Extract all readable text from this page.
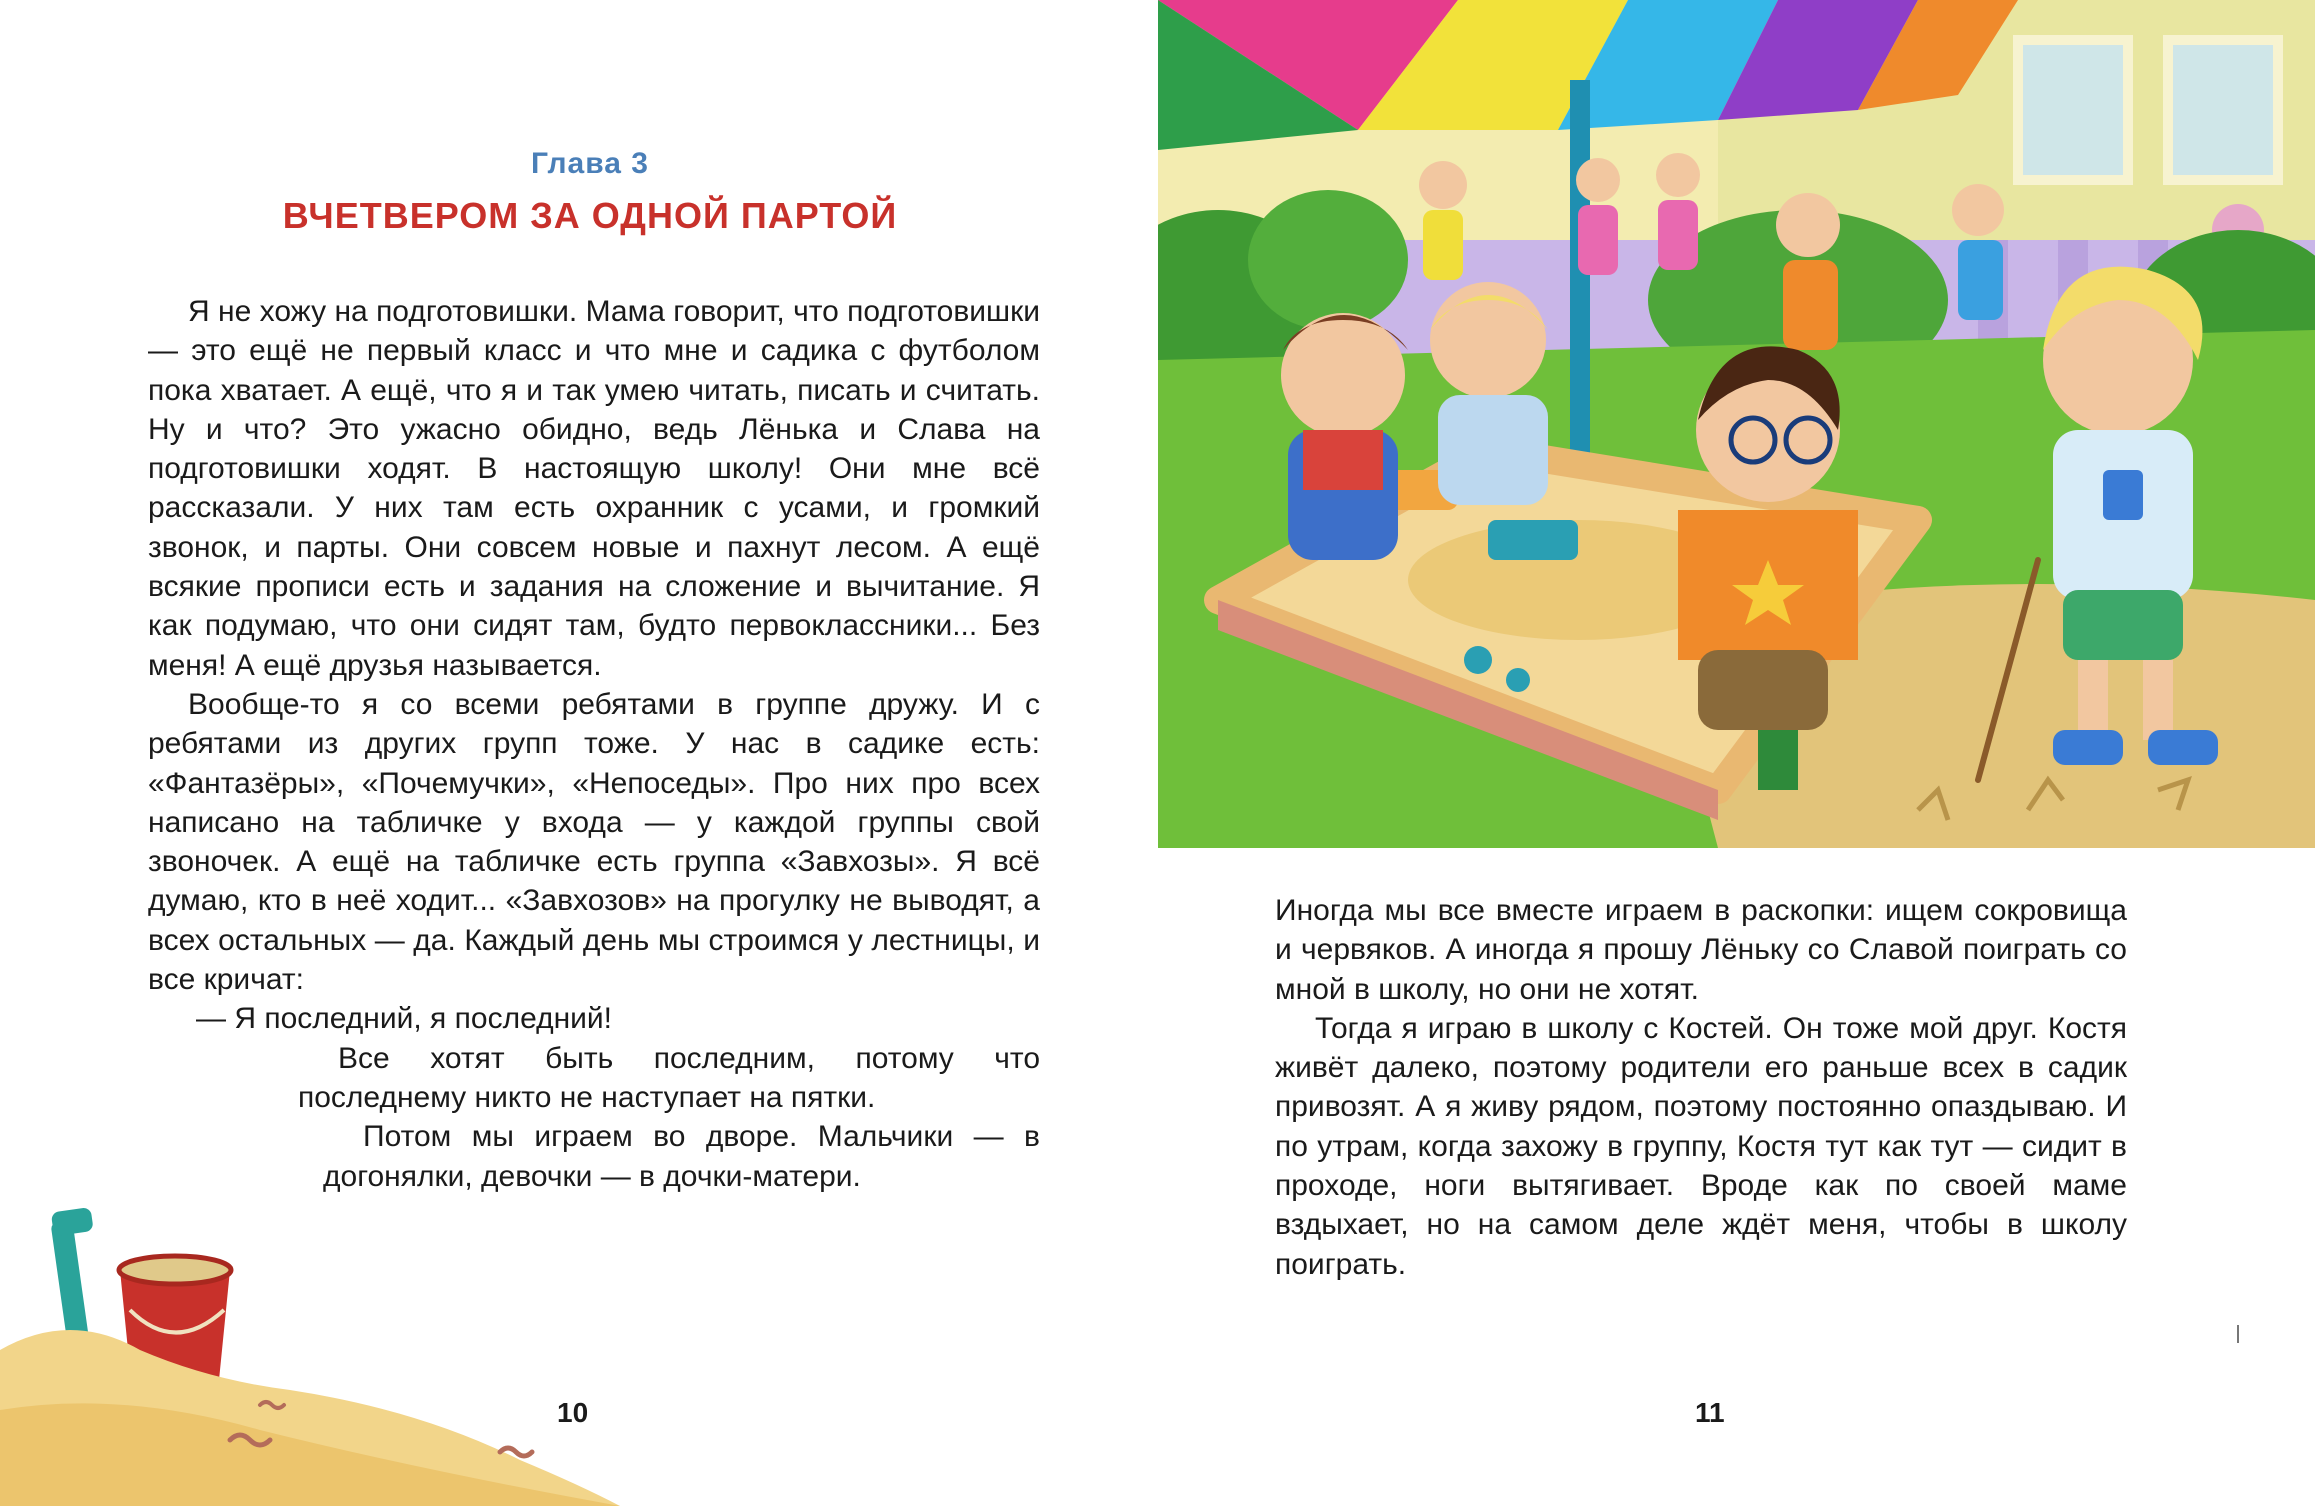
Глава 3
ВЧЕТВЕРОМ ЗА ОДНОЙ ПАРТОЙ

Я не хожу на подготовишки. Мама говорит, что подготовишки — это ещё не первый класс и что мне и садика с футболом пока хватает. А ещё, что я и так умею читать, писать и считать. Ну и что? Это ужасно обидно, ведь Лёнька и Слава на подготовишки ходят. В настоящую школу! Они мне всё рассказали. У них там есть охранник с усами, и громкий звонок, и парты. Они совсем новые и пахнут лесом. А ещё всякие прописи есть и задания на сложение и вычитание. Я как подумаю, что они сидят там, будто первоклассники... Без меня! А ещё друзья называется.

Вообще-то я со всеми ребятами в группе дружу. И с ребятами из других групп тоже. У нас в садике есть: «Фантазёры», «Почемучки», «Непоседы». Про них про всех написано на табличке у входа — у каждой группы свой звоночек. А ещё на табличке есть группа «Завхозы». Я всё думаю, кто в неё ходит... «Завхозов» на прогулку не выводят, а всех остальных — да. Каждый день мы строимся у лестницы, и все кричат:

— Я последний, я последний!

Все хотят быть последним, потому что последнему никто не наступает на пятки.

Потом мы играем во дворе. Мальчики — в догонялки, девочки — в дочки-матери.

10

Иногда мы все вместе играем в раскопки: ищем сокровища и червяков. А иногда я прошу Лёньку со Славой поиграть со мной в школу, но они не хотят.

Тогда я играю в школу с Костей. Он тоже мой друг. Костя живёт далеко, поэтому родители его раньше всех в садик привозят. А я живу рядом, поэтому постоянно опаздываю. И по утрам, когда захожу в группу, Костя тут как тут — сидит в проходе, ноги вытягивает. Вроде как по своей маме вздыхает, но на самом деле ждёт меня, чтобы в школу поиграть.

11
